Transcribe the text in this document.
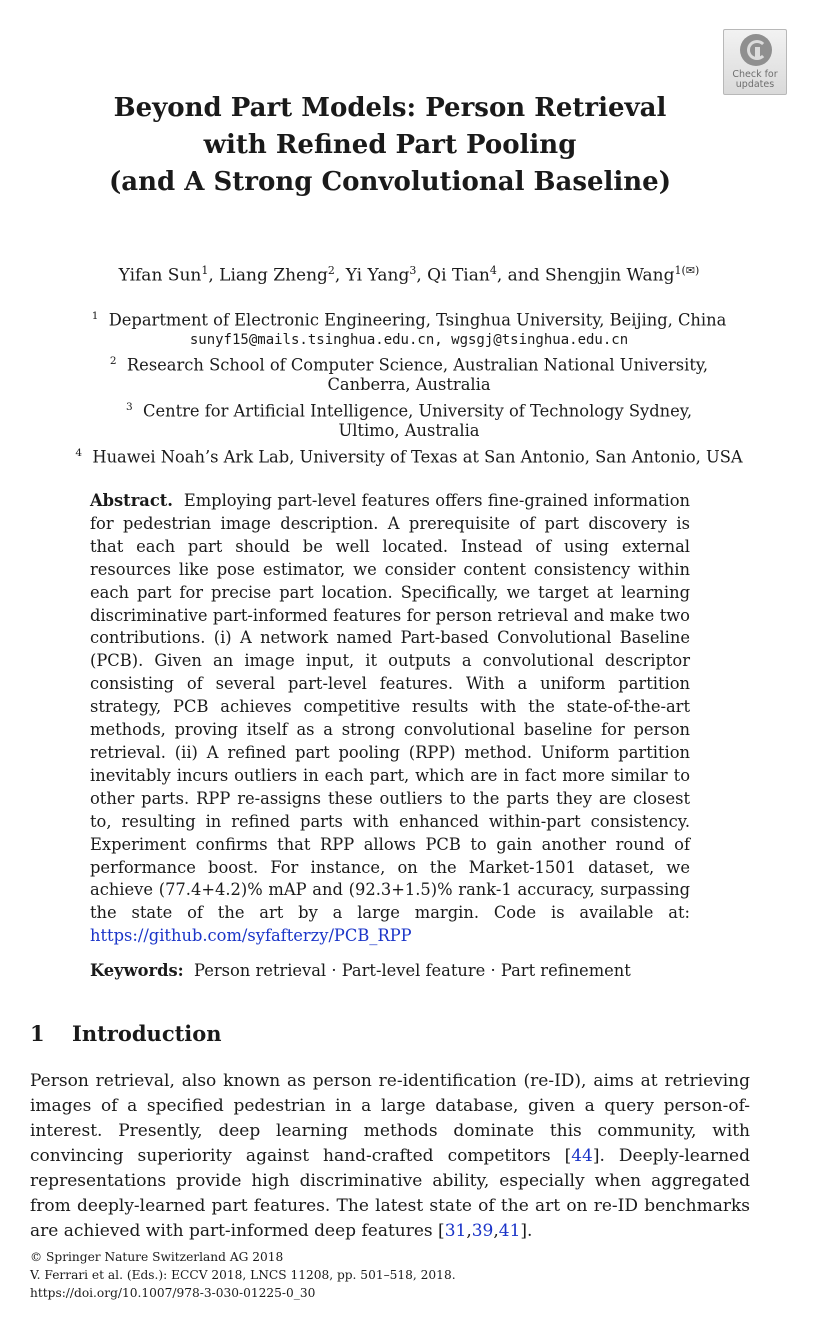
Check for
updates
Beyond Part Models: Person Retrieval
with Refined Part Pooling
(and A Strong Convolutional Baseline)
Yifan Sun$^1$, Liang Zheng$^2$, Yi Yang$^3$, Qi Tian$^4$, and Shengjin Wang$^{1(✉)}$
$^1$ Department of Electronic Engineering, Tsinghua University, Beijing, China
sunyf15@mails.tsinghua.edu.cn, wgsgj@tsinghua.edu.cn
$^2$ Research School of Computer Science, Australian National University,
Canberra, Australia
$^3$ Centre for Artificial Intelligence, University of Technology Sydney,
Ultimo, Australia
$^4$ Huawei Noah’s Ark Lab, University of Texas at San Antonio, San Antonio, USA
Abstract. Employing part-level features offers fine-grained information for pedestrian image description. A prerequisite of part discovery is that each part should be well located. Instead of using external resources like pose estimator, we consider content consistency within each part for precise part location. Specifically, we target at learning discriminative part-informed features for person retrieval and make two contributions. (i) A network named Part-based Convolutional Baseline (PCB). Given an image input, it outputs a convolutional descriptor consisting of several part-level features. With a uniform partition strategy, PCB achieves competitive results with the state-of-the-art methods, proving itself as a strong convolutional baseline for person retrieval. (ii) A refined part pooling (RPP) method. Uniform partition inevitably incurs outliers in each part, which are in fact more similar to other parts. RPP re-assigns these outliers to the parts they are closest to, resulting in refined parts with enhanced within-part consistency. Experiment confirms that RPP allows PCB to gain another round of performance boost. For instance, on the Market-1501 dataset, we achieve (77.4+4.2)% mAP and (92.3+1.5)% rank-1 accuracy, surpassing the state of the art by a large margin. Code is available at: https://github.com/syfafterzy/PCB_RPP
Keywords: Person retrieval · Part-level feature · Part refinement
1 Introduction
Person retrieval, also known as person re-identification (re-ID), aims at retrieving images of a specified pedestrian in a large database, given a query person-of-interest. Presently, deep learning methods dominate this community, with convincing superiority against hand-crafted competitors [44]. Deeply-learned representations provide high discriminative ability, especially when aggregated from deeply-learned part features. The latest state of the art on re-ID benchmarks are achieved with part-informed deep features [31,39,41].
© Springer Nature Switzerland AG 2018
V. Ferrari et al. (Eds.): ECCV 2018, LNCS 11208, pp. 501–518, 2018.
https://doi.org/10.1007/978-3-030-01225-0_30
